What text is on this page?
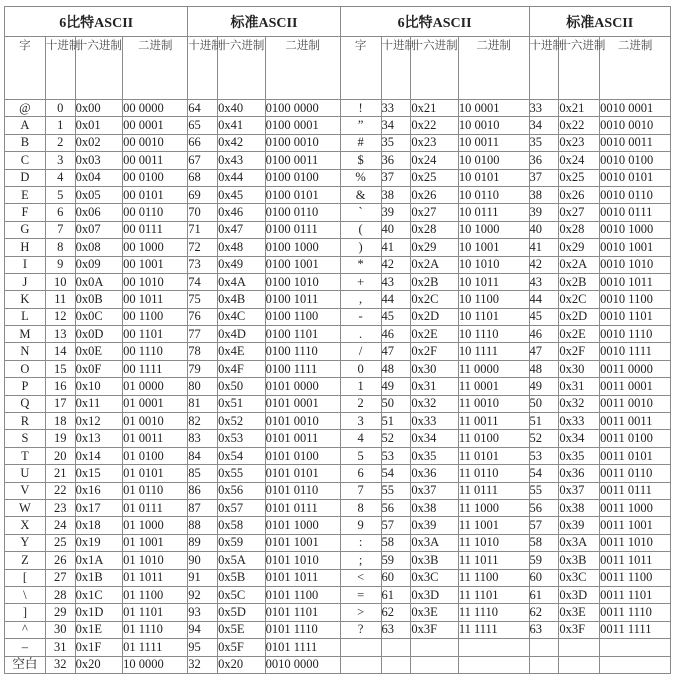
6比特ASCII				标准ASCII			6比特ASCII				标准ASCII		
字	十进制	十六进制	二进制	十进制	十六进制	二进制	字	十进制	十六进制	二进制	十进制	十六进制	二进制
@	0	0x00	00 0000	64	0x40	0100 0000	!	33	0x21	10 0001	33	0x21	0010 0001
A	1	0x01	00 0001	65	0x41	0100 0001	”	34	0x22	10 0010	34	0x22	0010 0010
B	2	0x02	00 0010	66	0x42	0100 0010	#	35	0x23	10 0011	35	0x23	0010 0011
C	3	0x03	00 0011	67	0x43	0100 0011	$	36	0x24	10 0100	36	0x24	0010 0100
D	4	0x04	00 0100	68	0x44	0100 0100	%	37	0x25	10 0101	37	0x25	0010 0101
E	5	0x05	00 0101	69	0x45	0100 0101	&	38	0x26	10 0110	38	0x26	0010 0110
F	6	0x06	00 0110	70	0x46	0100 0110	`	39	0x27	10 0111	39	0x27	0010 0111
G	7	0x07	00 0111	71	0x47	0100 0111	(	40	0x28	10 1000	40	0x28	0010 1000
H	8	0x08	00 1000	72	0x48	0100 1000	)	41	0x29	10 1001	41	0x29	0010 1001
I	9	0x09	00 1001	73	0x49	0100 1001	*	42	0x2A	10 1010	42	0x2A	0010 1010
J	10	0x0A	00 1010	74	0x4A	0100 1010	+	43	0x2B	10 1011	43	0x2B	0010 1011
K	11	0x0B	00 1011	75	0x4B	0100 1011	,	44	0x2C	10 1100	44	0x2C	0010 1100
L	12	0x0C	00 1100	76	0x4C	0100 1100	-	45	0x2D	10 1101	45	0x2D	0010 1101
M	13	0x0D	00 1101	77	0x4D	0100 1101	.	46	0x2E	10 1110	46	0x2E	0010 1110
N	14	0x0E	00 1110	78	0x4E	0100 1110	/	47	0x2F	10 1111	47	0x2F	0010 1111
O	15	0x0F	00 1111	79	0x4F	0100 1111	0	48	0x30	11 0000	48	0x30	0011 0000
P	16	0x10	01 0000	80	0x50	0101 0000	1	49	0x31	11 0001	49	0x31	0011 0001
Q	17	0x11	01 0001	81	0x51	0101 0001	2	50	0x32	11 0010	50	0x32	0011 0010
R	18	0x12	01 0010	82	0x52	0101 0010	3	51	0x33	11 0011	51	0x33	0011 0011
S	19	0x13	01 0011	83	0x53	0101 0011	4	52	0x34	11 0100	52	0x34	0011 0100
T	20	0x14	01 0100	84	0x54	0101 0100	5	53	0x35	11 0101	53	0x35	0011 0101
U	21	0x15	01 0101	85	0x55	0101 0101	6	54	0x36	11 0110	54	0x36	0011 0110
V	22	0x16	01 0110	86	0x56	0101 0110	7	55	0x37	11 0111	55	0x37	0011 0111
W	23	0x17	01 0111	87	0x57	0101 0111	8	56	0x38	11 1000	56	0x38	0011 1000
X	24	0x18	01 1000	88	0x58	0101 1000	9	57	0x39	11 1001	57	0x39	0011 1001
Y	25	0x19	01 1001	89	0x59	0101 1001	:	58	0x3A	11 1010	58	0x3A	0011 1010
Z	26	0x1A	01 1010	90	0x5A	0101 1010	;	59	0x3B	11 1011	59	0x3B	0011 1011
[	27	0x1B	01 1011	91	0x5B	0101 1011	<	60	0x3C	11 1100	60	0x3C	0011 1100
\	28	0x1C	01 1100	92	0x5C	0101 1100	=	61	0x3D	11 1101	61	0x3D	0011 1101
]	29	0x1D	01 1101	93	0x5D	0101 1101	>	62	0x3E	11 1110	62	0x3E	0011 1110
^	30	0x1E	01 1110	94	0x5E	0101 1110	?	63	0x3F	11 1111	63	0x3F	0011 1111
–	31	0x1F	01 1111	95	0x5F	0101 1111							
空白	32	0x20	10 0000	32	0x20	0010 0000							
